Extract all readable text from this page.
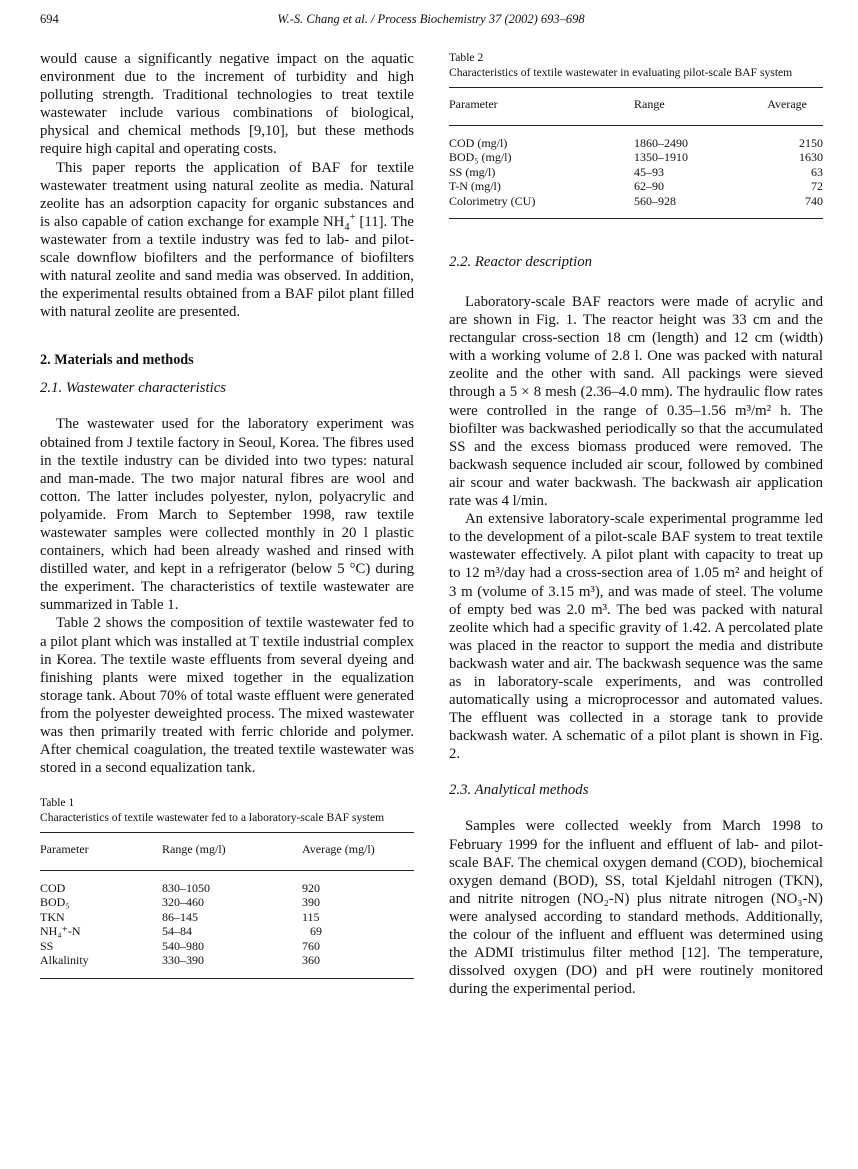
694	W.-S. Chang et al. / Process Biochemistry 37 (2002) 693–698

would cause a significantly negative impact on the aquatic environment due to the increment of turbidity and high polluting strength. Traditional technologies to treat textile wastewater include various combinations of biological, physical and chemical methods [9,10], but these methods require high capital and operating costs.

This paper reports the application of BAF for textile wastewater treatment using natural zeolite as media. Natural zeolite has an adsorption capacity for organic substances and is also capable of cation exchange for example $NH_4^+$ [11]. The wastewater from a textile industry was fed to lab- and pilot-scale downflow biofilters and the performance of biofilters with natural zeolite and sand media was observed. In addition, the experimental results obtained from a BAF pilot plant filled with natural zeolite are presented.

2. Materials and methods
2.1. Wastewater characteristics

The wastewater used for the laboratory experiment was obtained from J textile factory in Seoul, Korea. The fibres used in the textile industry can be divided into two types: natural and man-made. The two major natural fibres are wool and cotton. The latter includes polyester, nylon, polyacrylic and polyamide. From March to September 1998, raw textile wastewater samples were collected monthly in 20 l plastic containers, which had been already washed and rinsed with distilled water, and kept in a refrigerator (below 5 °C) during the experiment. The characteristics of textile wastewater are summarized in Table 1.

Table 2 shows the composition of textile wastewater fed to a pilot plant which was installed at T textile industrial complex in Korea. The textile waste effluents from several dyeing and finishing plants were mixed together in the equalization storage tank. About 70% of total waste effluent were generated from the polyester deweighted process. The mixed wastewater was then primarily treated with ferric chloride and polymer. After chemical coagulation, the treated textile wastewater was stored in a second equalization tank.

Table 1
Characteristics of textile wastewater fed to a laboratory-scale BAF system
Parameter	Range (mg/l)	Average (mg/l)
COD	830–1050	920
BOD₅	320–460	390
TKN	86–145	115
NH₄⁺-N	54–84	69
SS	540–980	760
Alkalinity	330–390	360
Table 2
Characteristics of textile wastewater in evaluating pilot-scale BAF system
Parameter	Range	Average
COD (mg/l)	1860–2490	2150
BOD₅ (mg/l)	1350–1910	1630
SS (mg/l)	45–93	63
T-N (mg/l)	62–90	72
Colorimetry (CU)	560–928	740
2.2. Reactor description

Laboratory-scale BAF reactors were made of acrylic and are shown in Fig. 1. The reactor height was 33 cm and the rectangular cross-section 18 cm (length) and 12 cm (width) with a working volume of 2.8 l. One was packed with natural zeolite and the other with sand. All packings were sieved through a 5 × 8 mesh (2.36–4.0 mm). The hydraulic flow rates were controlled in the range of 0.35–1.56 m³/m² h. The biofilter was backwashed periodically so that the accumulated SS and the excess biomass produced were removed. The backwash sequence included air scour, followed by combined air scour and water backwash. The backwash air application rate was 4 l/min.

An extensive laboratory-scale experimental programme led to the development of a pilot-scale BAF system to treat textile wastewater effectively. A pilot plant with capacity to treat up to 12 m³/day had a cross-section area of 1.05 m² and height of 3 m (volume of 3.15 m³), and was made of steel. The volume of empty bed was 2.0 m³. The bed was packed with natural zeolite which had a specific gravity of 1.42. A percolated plate was placed in the reactor to support the media and distribute backwash water and air. The backwash sequence was the same as in laboratory-scale experiments, and was controlled automatically using a microprocessor and automated values. The effluent was collected in a storage tank to provide backwash water. A schematic of a pilot plant is shown in Fig. 2.

2.3. Analytical methods

Samples were collected weekly from March 1998 to February 1999 for the influent and effluent of lab- and pilot-scale BAF. The chemical oxygen demand (COD), biochemical oxygen demand (BOD), SS, total Kjeldahl nitrogen (TKN), and nitrite nitrogen (NO₂-N) plus nitrate nitrogen (NO₃-N) were analysed according to standard methods. Additionally, the colour of the influent and effluent was determined using the ADMI tristimulus filter method [12]. The temperature, dissolved oxygen (DO) and pH were routinely monitored during the experimental period.
